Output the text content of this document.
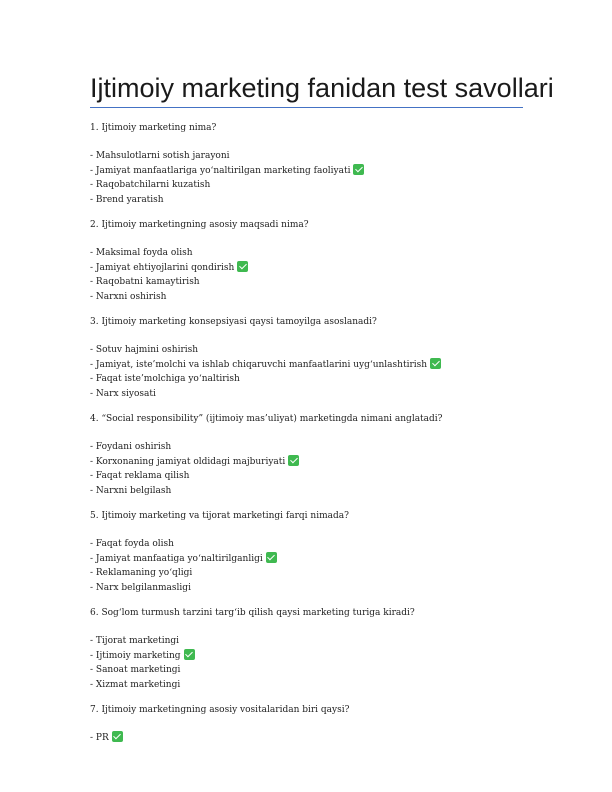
Ijtimoiy marketing fanidan test savollari
1. Ijtimoiy marketing nima?
- Mahsulotlarni sotish jarayoni
- Jamiyat manfaatlariga yo‘naltirilgan marketing faoliyati
- Raqobatchilarni kuzatish
- Brend yaratish
2. Ijtimoiy marketingning asosiy maqsadi nima?
- Maksimal foyda olish
- Jamiyat ehtiyojlarini qondirish
- Raqobatni kamaytirish
- Narxni oshirish
3. Ijtimoiy marketing konsepsiyasi qaysi tamoyilga asoslanadi?
- Sotuv hajmini oshirish
- Jamiyat, iste’molchi va ishlab chiqaruvchi manfaatlarini uyg‘unlashtirish
- Faqat iste’molchiga yo‘naltirish
- Narx siyosati
4. “Social responsibility” (ijtimoiy mas’uliyat) marketingda nimani anglatadi?
- Foydani oshirish
- Korxonaning jamiyat oldidagi majburiyati
- Faqat reklama qilish
- Narxni belgilash
5. Ijtimoiy marketing va tijorat marketingi farqi nimada?
- Faqat foyda olish
- Jamiyat manfaatiga yo‘naltirilganligi
- Reklamaning yo‘qligi
- Narx belgilanmasligi
6. Sog‘lom turmush tarzini targ‘ib qilish qaysi marketing turiga kiradi?
- Tijorat marketingi
- Ijtimoiy marketing
- Sanoat marketingi
- Xizmat marketingi
7. Ijtimoiy marketingning asosiy vositalaridan biri qaysi?
- PR
